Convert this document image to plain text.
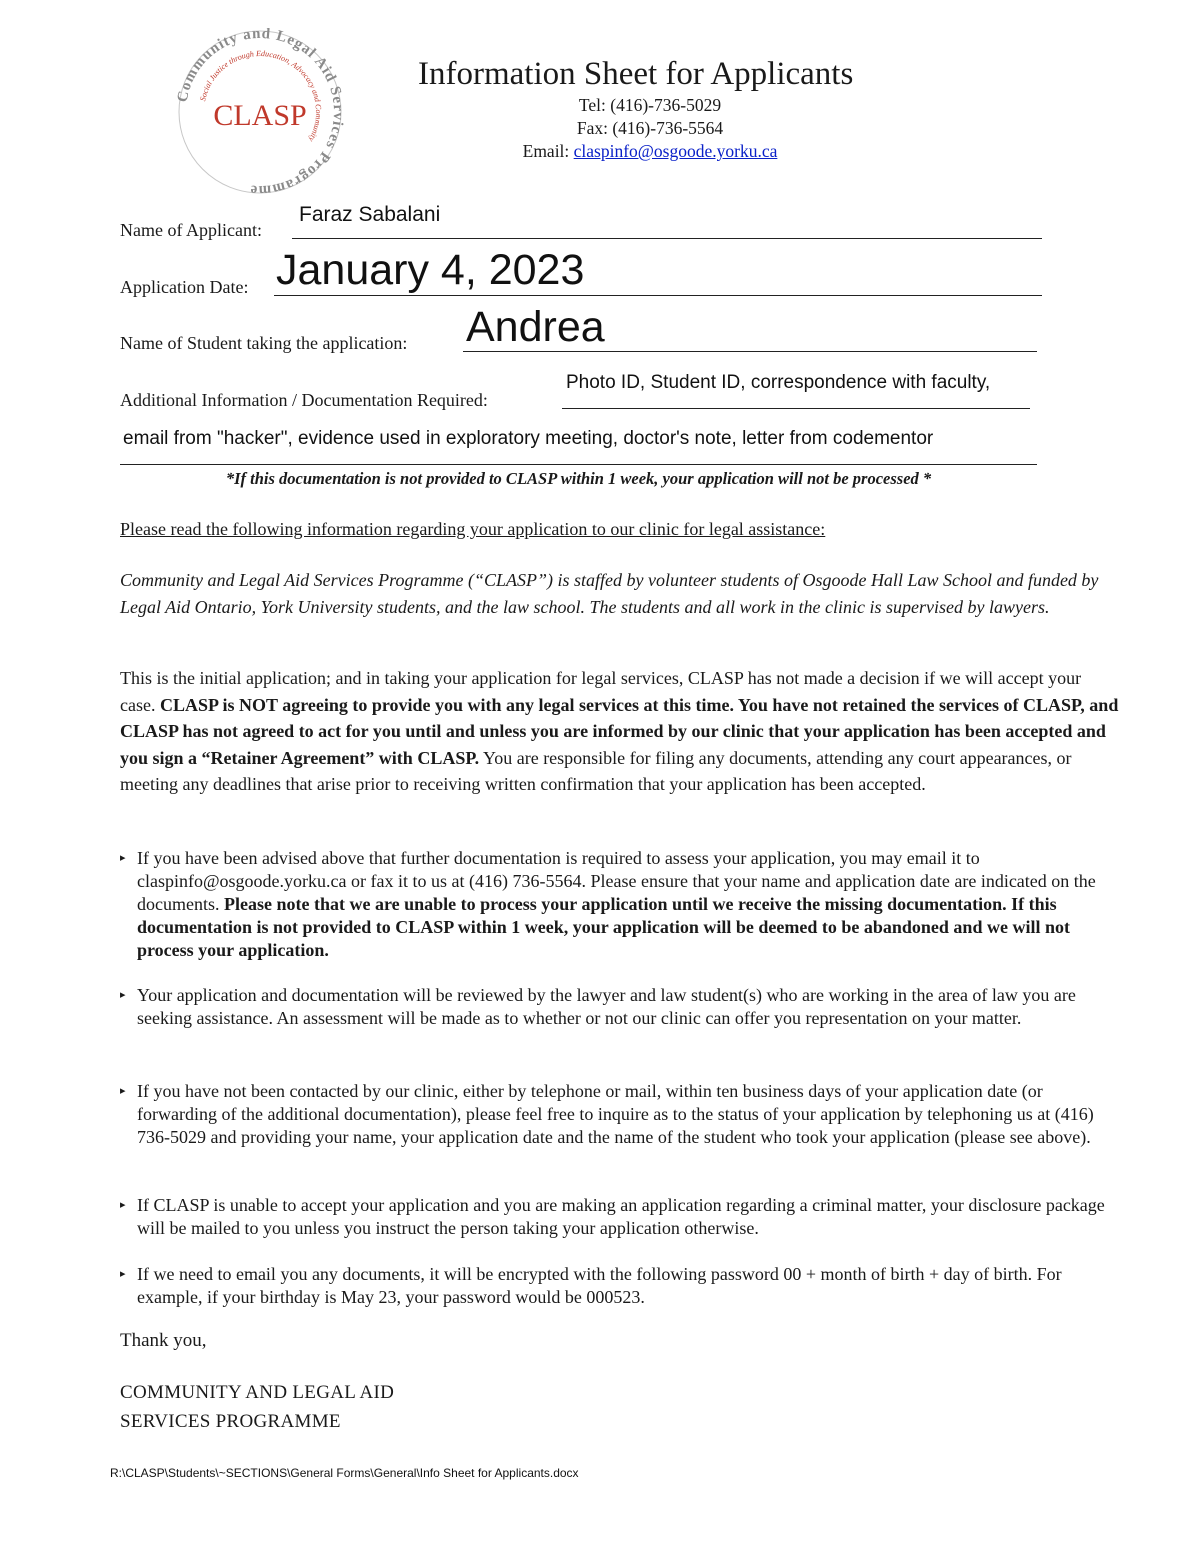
Community and Legal Aid Services Programme
Social Justice through Education, Advocacy and Community
CLASP
Information Sheet for Applicants
Tel: (416)-736-5029
Fax: (416)-736-5564
Email: claspinfo@osgoode.yorku.ca
Name of Applicant:
Faraz Sabalani
Application Date: January 4, 2023
Name of Student taking the application: Andrea
Additional Information / Documentation Required:
Photo ID, Student ID, correspondence with faculty,
email from "hacker", evidence used in exploratory meeting, doctor's note, letter from codementor
*If this documentation is not provided to CLASP within 1 week, your application will not be processed *
Please read the following information regarding your application to our clinic for legal assistance:
Community and Legal Aid Services Programme (“CLASP”) is staffed by volunteer students of Osgoode Hall Law School and funded by Legal Aid Ontario, York University students, and the law school. The students and all work in the clinic is supervised by lawyers.
This is the initial application; and in taking your application for legal services, CLASP has not made a decision if we will accept your case. CLASP is NOT agreeing to provide you with any legal services at this time. You have not retained the services of CLASP, and CLASP has not agreed to act for you until and unless you are informed by our clinic that your application has been accepted and you sign a “Retainer Agreement” with CLASP. You are responsible for filing any documents, attending any court appearances, or meeting any deadlines that arise prior to receiving written confirmation that your application has been accepted.
▸ If you have been advised above that further documentation is required to assess your application, you may email it to claspinfo@osgoode.yorku.ca or fax it to us at (416) 736-5564. Please ensure that your name and application date are indicated on the documents. Please note that we are unable to process your application until we receive the missing documentation. If this documentation is not provided to CLASP within 1 week, your application will be deemed to be abandoned and we will not process your application.
▸ Your application and documentation will be reviewed by the lawyer and law student(s) who are working in the area of law you are seeking assistance. An assessment will be made as to whether or not our clinic can offer you representation on your matter.
▸ If you have not been contacted by our clinic, either by telephone or mail, within ten business days of your application date (or forwarding of the additional documentation), please feel free to inquire as to the status of your application by telephoning us at (416) 736-5029 and providing your name, your application date and the name of the student who took your application (please see above).
▸ If CLASP is unable to accept your application and you are making an application regarding a criminal matter, your disclosure package will be mailed to you unless you instruct the person taking your application otherwise.
▸ If we need to email you any documents, it will be encrypted with the following password 00 + month of birth + day of birth. For example, if your birthday is May 23, your password would be 000523.
Thank you,
COMMUNITY AND LEGAL AID
SERVICES PROGRAMME
R:\CLASP\Students\~SECTIONS\General Forms\General\Info Sheet for Applicants.docx
